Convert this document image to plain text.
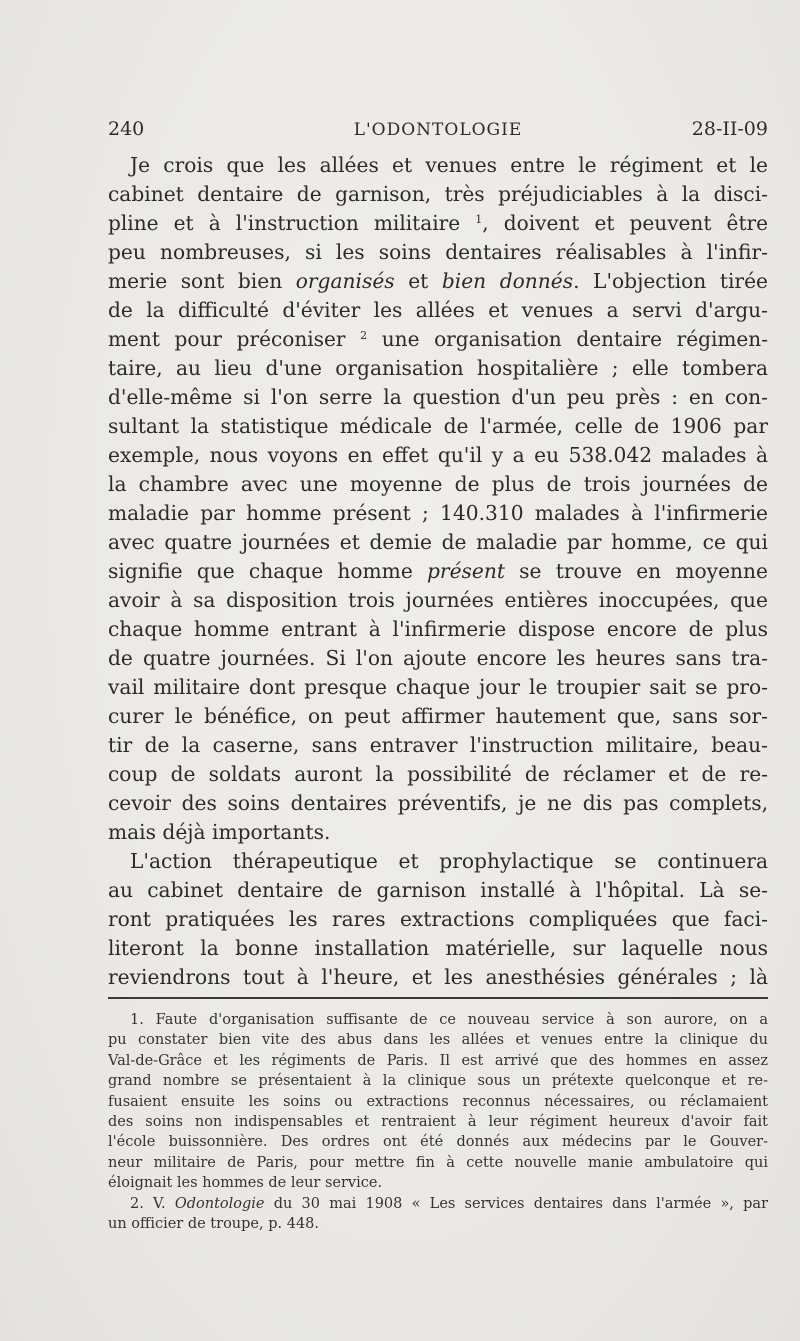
240	L'ODONTOLOGIE	28-II-09
Je crois que les allées et venues entre le régiment et le
cabinet dentaire de garnison, très préjudiciables à la disci-
pline et à l'instruction militaire $^1$, doivent et peuvent être
peu nombreuses, si les soins dentaires réalisables à l'infir-
merie sont bien organisés et bien donnés. L'objection tirée
de la difficulté d'éviter les allées et venues a servi d'argu-
ment pour préconiser $^2$ une organisation dentaire régimen-
taire, au lieu d'une organisation hospitalière ; elle tombera
d'elle-même si l'on serre la question d'un peu près : en con-
sultant la statistique médicale de l'armée, celle de 1906 par
exemple, nous voyons en effet qu'il y a eu 538.042 malades à
la chambre avec une moyenne de plus de trois journées de
maladie par homme présent ; 140.310 malades à l'infirmerie
avec quatre journées et demie de maladie par homme, ce qui
signifie que chaque homme présent se trouve en moyenne
avoir à sa disposition trois journées entières inoccupées, que
chaque homme entrant à l'infirmerie dispose encore de plus
de quatre journées. Si l'on ajoute encore les heures sans tra-
vail militaire dont presque chaque jour le troupier sait se pro-
curer le bénéfice, on peut affirmer hautement que, sans sor-
tir de la caserne, sans entraver l'instruction militaire, beau-
coup de soldats auront la possibilité de réclamer et de re-
cevoir des soins dentaires préventifs, je ne dis pas complets,
mais déjà importants.
L'action thérapeutique et prophylactique se continuera
au cabinet dentaire de garnison installé à l'hôpital. Là se-
ront pratiquées les rares extractions compliquées que faci-
literont la bonne installation matérielle, sur laquelle nous
reviendrons tout à l'heure, et les anesthésies générales ; là
1. Faute d'organisation suffisante de ce nouveau service à son aurore, on a
pu constater bien vite des abus dans les allées et venues entre la clinique du
Val-de-Grâce et les régiments de Paris. Il est arrivé que des hommes en assez
grand nombre se présentaient à la clinique sous un prétexte quelconque et re-
fusaient ensuite les soins ou extractions reconnus nécessaires, ou réclamaient
des soins non indispensables et rentraient à leur régiment heureux d'avoir fait
l'école buissonnière. Des ordres ont été donnés aux médecins par le Gouver-
neur militaire de Paris, pour mettre fin à cette nouvelle manie ambulatoire qui
éloignait les hommes de leur service.
2. V. Odontologie du 30 mai 1908 « Les services dentaires dans l'armée », par
un officier de troupe, p. 448.
